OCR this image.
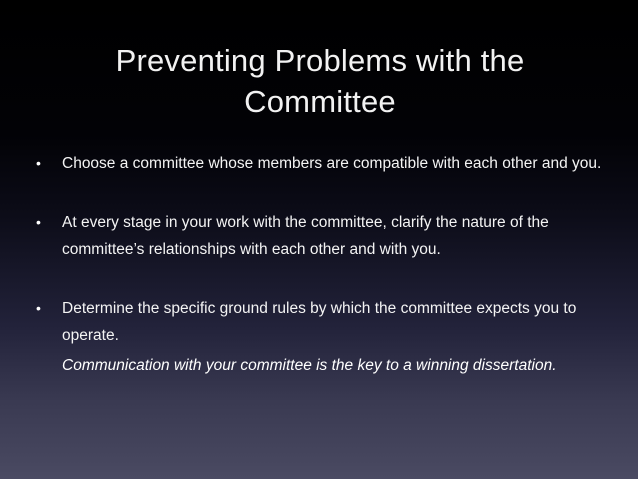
Preventing Problems with the
Committee
• Choose a committee whose members are compatible with each other and you.
• At every stage in your work with the committee, clarify the nature of the committee’s relationships with each other and with you.
• Determine the specific ground rules by which the committee expects you to operate.
Communication with your committee is the key to a winning dissertation.
